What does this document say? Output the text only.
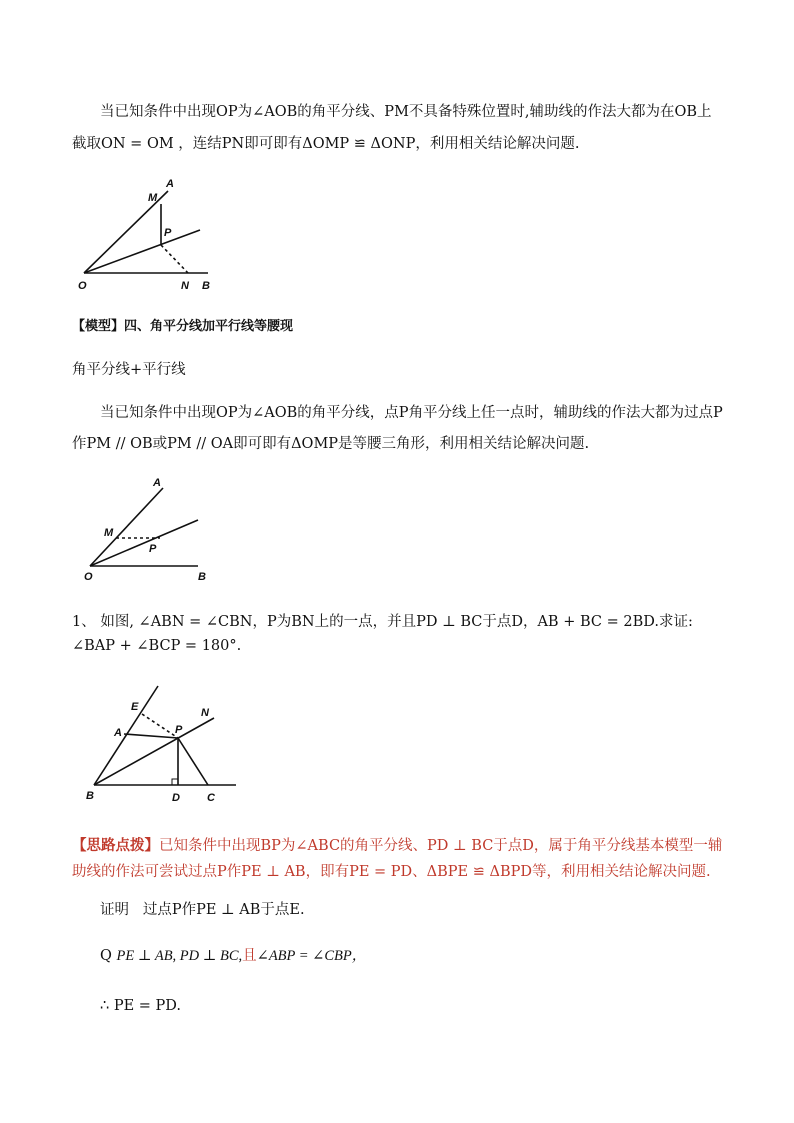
当已知条件中出现OP为∠AOB的角平分线、PM不具备特殊位置时,辅助线的作法大都为在OB上
截取ON = OM ，连结PN即可即有ΔOMP ≌ ΔONP，利用相关结论解决问题.
M
A
P
O	N B
【模型】四、角平分线加平行线等腰现
角平分线+平行线
当已知条件中出现OP为∠AOB的角平分线，点P角平分线上任一点时，辅助线的作法大都为过点P
作PM // OB或PM // OA即可即有ΔOMP是等腰三角形，利用相关结论解决问题.
A
M
P
O	B
1、 如图, ∠ABN = ∠CBN，P为BN上的一点，并且PD ⊥ BC于点D，AB + BC = 2BD.求证:
∠BAP + ∠BCP = 180°.
E
A	P
N
B	D C
【思路点拨】已知条件中出现BP为∠ABC的角平分线、PD ⊥ BC于点D，属于角平分线基本模型一辅
助线的作法可尝试过点P作PE ⊥ AB，即有PE = PD、ΔBPE ≌ ΔBPD等，利用相关结论解决问题.
证明 过点P作PE ⊥ AB于点E.
Q PE ⊥ AB, PD ⊥ BC,且∠ABP = ∠CBP，
∴ PE = PD.
